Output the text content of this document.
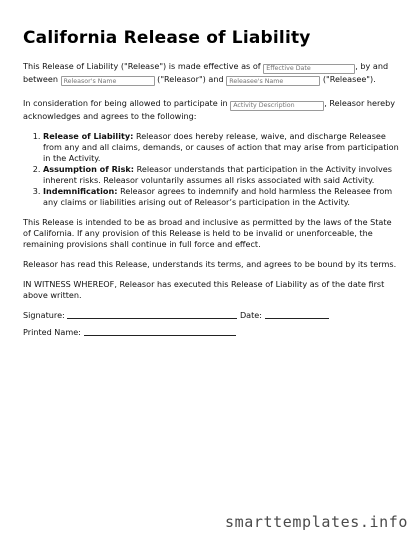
California Release of Liability

This Release of Liability ("Release") is made effective as of Effective Date	, by and between Releasor's Name	("Releasor") and Releasee's Name	("Releasee").

In consideration for being allowed to participate in Activity Description	, Releasor hereby acknowledges and agrees to the following:

1. Release of Liability: Releasor does hereby release, waive, and discharge Releasee from any and all claims, demands, or causes of action that may arise from participation in the Activity.
2. Assumption of Risk: Releasor understands that participation in the Activity involves inherent risks. Releasor voluntarily assumes all risks associated with said Activity.
3. Indemnification: Releasor agrees to indemnify and hold harmless the Releasee from any claims or liabilities arising out of Releasor’s participation in the Activity.

This Release is intended to be as broad and inclusive as permitted by the laws of the State of California. If any provision of this Release is held to be invalid or unenforceable, the remaining provisions shall continue in full force and effect.

Releasor has read this Release, understands its terms, and agrees to be bound by its terms.

IN WITNESS WHEREOF, Releasor has executed this Release of Liability as of the date first above written.

Signature:	Date:
Printed Name:
smarttemplates.info
